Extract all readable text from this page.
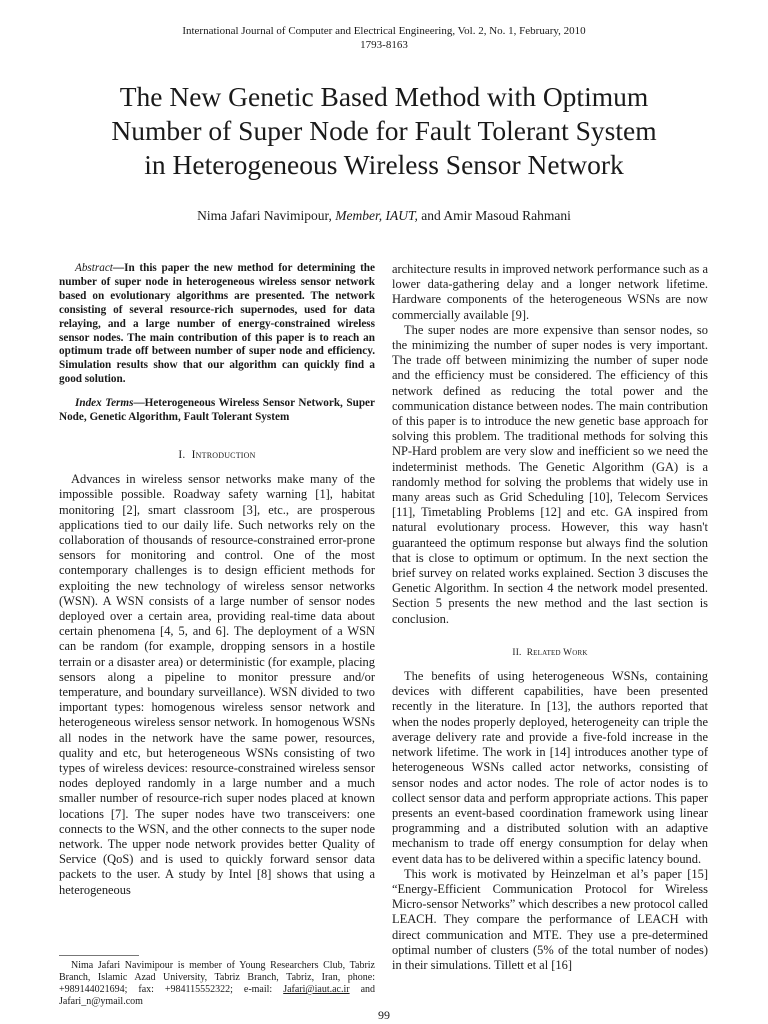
International Journal of Computer and Electrical Engineering, Vol. 2, No. 1, February, 2010
1793-8163
The New Genetic Based Method with Optimum
Number of Super Node for Fault Tolerant System
in Heterogeneous Wireless Sensor Network
Nima Jafari Navimipour, Member, IAUT, and Amir Masoud Rahmani

Abstract—In this paper the new method for determining the number of super node in heterogeneous wireless sensor network based on evolutionary algorithms are presented. The network consisting of several resource-rich supernodes, used for data relaying, and a large number of energy-constrained wireless sensor nodes. The main contribution of this paper is to reach an optimum trade off between number of super node and efficiency. Simulation results show that our algorithm can quickly find a good solution.

Index Terms—Heterogeneous Wireless Sensor Network, Super Node, Genetic Algorithm, Fault Tolerant System

I. Introduction

Advances in wireless sensor networks make many of the impossible possible. Roadway safety warning [1], habitat monitoring [2], smart classroom [3], etc., are prosperous applications tied to our daily life. Such networks rely on the collaboration of thousands of resource-constrained error-prone sensors for monitoring and control. One of the most contemporary challenges is to design efficient methods for exploiting the new technology of wireless sensor networks (WSN). A WSN consists of a large number of sensor nodes deployed over a certain area, providing real-time data about certain phenomena [4, 5, and 6]. The deployment of a WSN can be random (for example, dropping sensors in a hostile terrain or a disaster area) or deterministic (for example, placing sensors along a pipeline to monitor pressure and/or temperature, and boundary surveillance). WSN divided to two important types: homogenous wireless sensor network and heterogeneous wireless sensor network. In homogenous WSNs all nodes in the network have the same power, resources, quality and etc, but heterogeneous WSNs consisting of two types of wireless devices: resource-constrained wireless sensor nodes deployed randomly in a large number and a much smaller number of resource-rich super nodes placed at known locations [7]. The super nodes have two transceivers: one connects to the WSN, and the other connects to the super node network. The upper node network provides better Quality of Service (QoS) and is used to quickly forward sensor data packets to the user. A study by Intel [8] shows that using a heterogeneous

Nima Jafari Navimipour is member of Young Researchers Club, Tabriz Branch, Islamic Azad University, Tabriz Branch, Tabriz, Iran, phone: +989144021694; fax: +984115552322; e-mail: Jafari@iaut.ac.ir and Jafari_n@ymail.com

architecture results in improved network performance such as a lower data-gathering delay and a longer network lifetime. Hardware components of the heterogeneous WSNs are now commercially available [9].

The super nodes are more expensive than sensor nodes, so the minimizing the number of super nodes is very important. The trade off between minimizing the number of super node and the efficiency must be considered. The efficiency of this network defined as reducing the total power and the communication distance between nodes. The main contribution of this paper is to introduce the new genetic base approach for solving this problem. The traditional methods for solving this NP-Hard problem are very slow and inefficient so we need the indeterminist methods. The Genetic Algorithm (GA) is a randomly method for solving the problems that widely use in many areas such as Grid Scheduling [10], Telecom Services [11], Timetabling Problems [12] and etc. GA inspired from natural evolutionary process. However, this way hasn't guaranteed the optimum response but always find the solution that is close to optimum or optimum. In the next section the brief survey on related works explained. Section 3 discuses the Genetic Algorithm. In section 4 the network model presented. Section 5 presents the new method and the last section is conclusion.

II. Related Work

The benefits of using heterogeneous WSNs, containing devices with different capabilities, have been presented recently in the literature. In [13], the authors reported that when the nodes properly deployed, heterogeneity can triple the average delivery rate and provide a five-fold increase in the network lifetime. The work in [14] introduces another type of heterogeneous WSNs called actor networks, consisting of sensor nodes and actor nodes. The role of actor nodes is to collect sensor data and perform appropriate actions. This paper presents an event-based coordination framework using linear programming and a distributed solution with an adaptive mechanism to trade off energy consumption for delay when event data has to be delivered within a specific latency bound.

This work is motivated by Heinzelman et al’s paper [15] “Energy-Efficient Communication Protocol for Wireless Micro-sensor Networks” which describes a new protocol called LEACH. They compare the performance of LEACH with direct communication and MTE. They use a pre-determined optimal number of clusters (5% of the total number of nodes) in their simulations. Tillett et al [16]

99
